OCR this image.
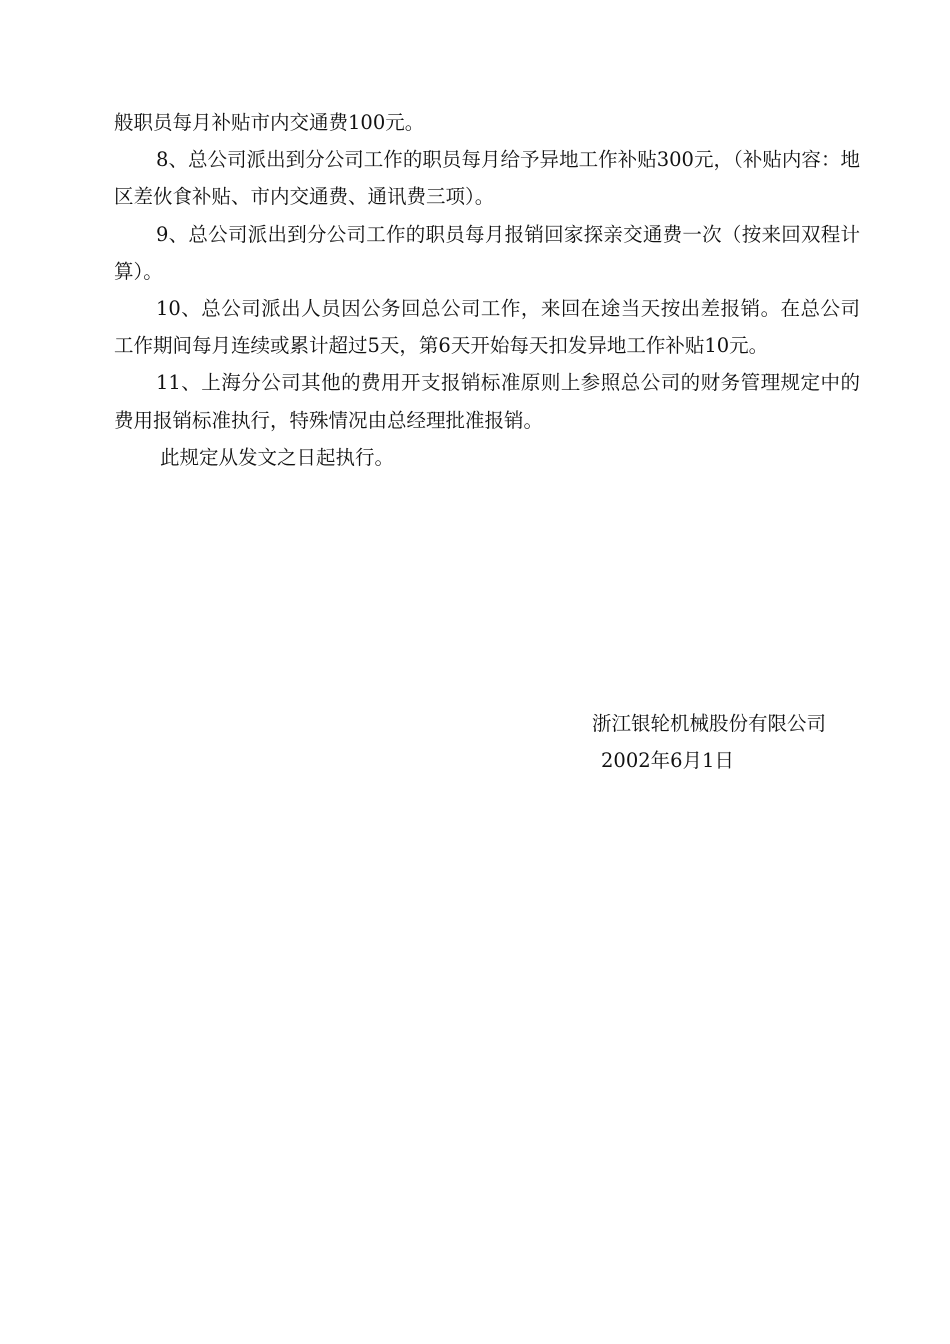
般职员每月补贴市内交通费100元。

8、总公司派出到分公司工作的职员每月给予异地工作补贴300元，（补贴内容：地区差伙食补贴、市内交通费、通讯费三项）。

9、总公司派出到分公司工作的职员每月报销回家探亲交通费一次（按来回双程计算）。

10、总公司派出人员因公务回总公司工作，来回在途当天按出差报销。在总公司工作期间每月连续或累计超过5天，第6天开始每天扣发异地工作补贴10元。

11、上海分公司其他的费用开支报销标准原则上参照总公司的财务管理规定中的费用报销标准执行，特殊情况由总经理批准报销。

此规定从发文之日起执行。

浙江银轮机械股份有限公司
2002年6月1日
